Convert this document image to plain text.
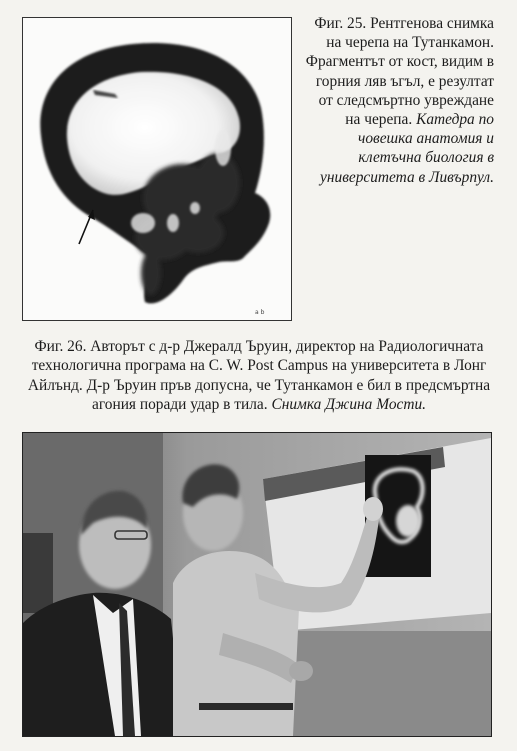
a b
Фиг. 25. Рентгенова снимка на черепа на Тутанкамон. Фрагментът от кост, видим в горния ляв ъгъл, е резултат от следсмъртно увреждане на черепа. Катедра по човешка анатомия и клетъчна биология в университета в Ливърпул.
Фиг. 26. Авторът с д-р Джералд Ъруин, директор на Радиологичната технологична програма на C. W. Post Campus на университета в Лонг Айлънд. Д-р Ъруин пръв допусна, че Тутанкамон е бил в предсмъртна агония поради удар в тила. Снимка Джина Мости.
